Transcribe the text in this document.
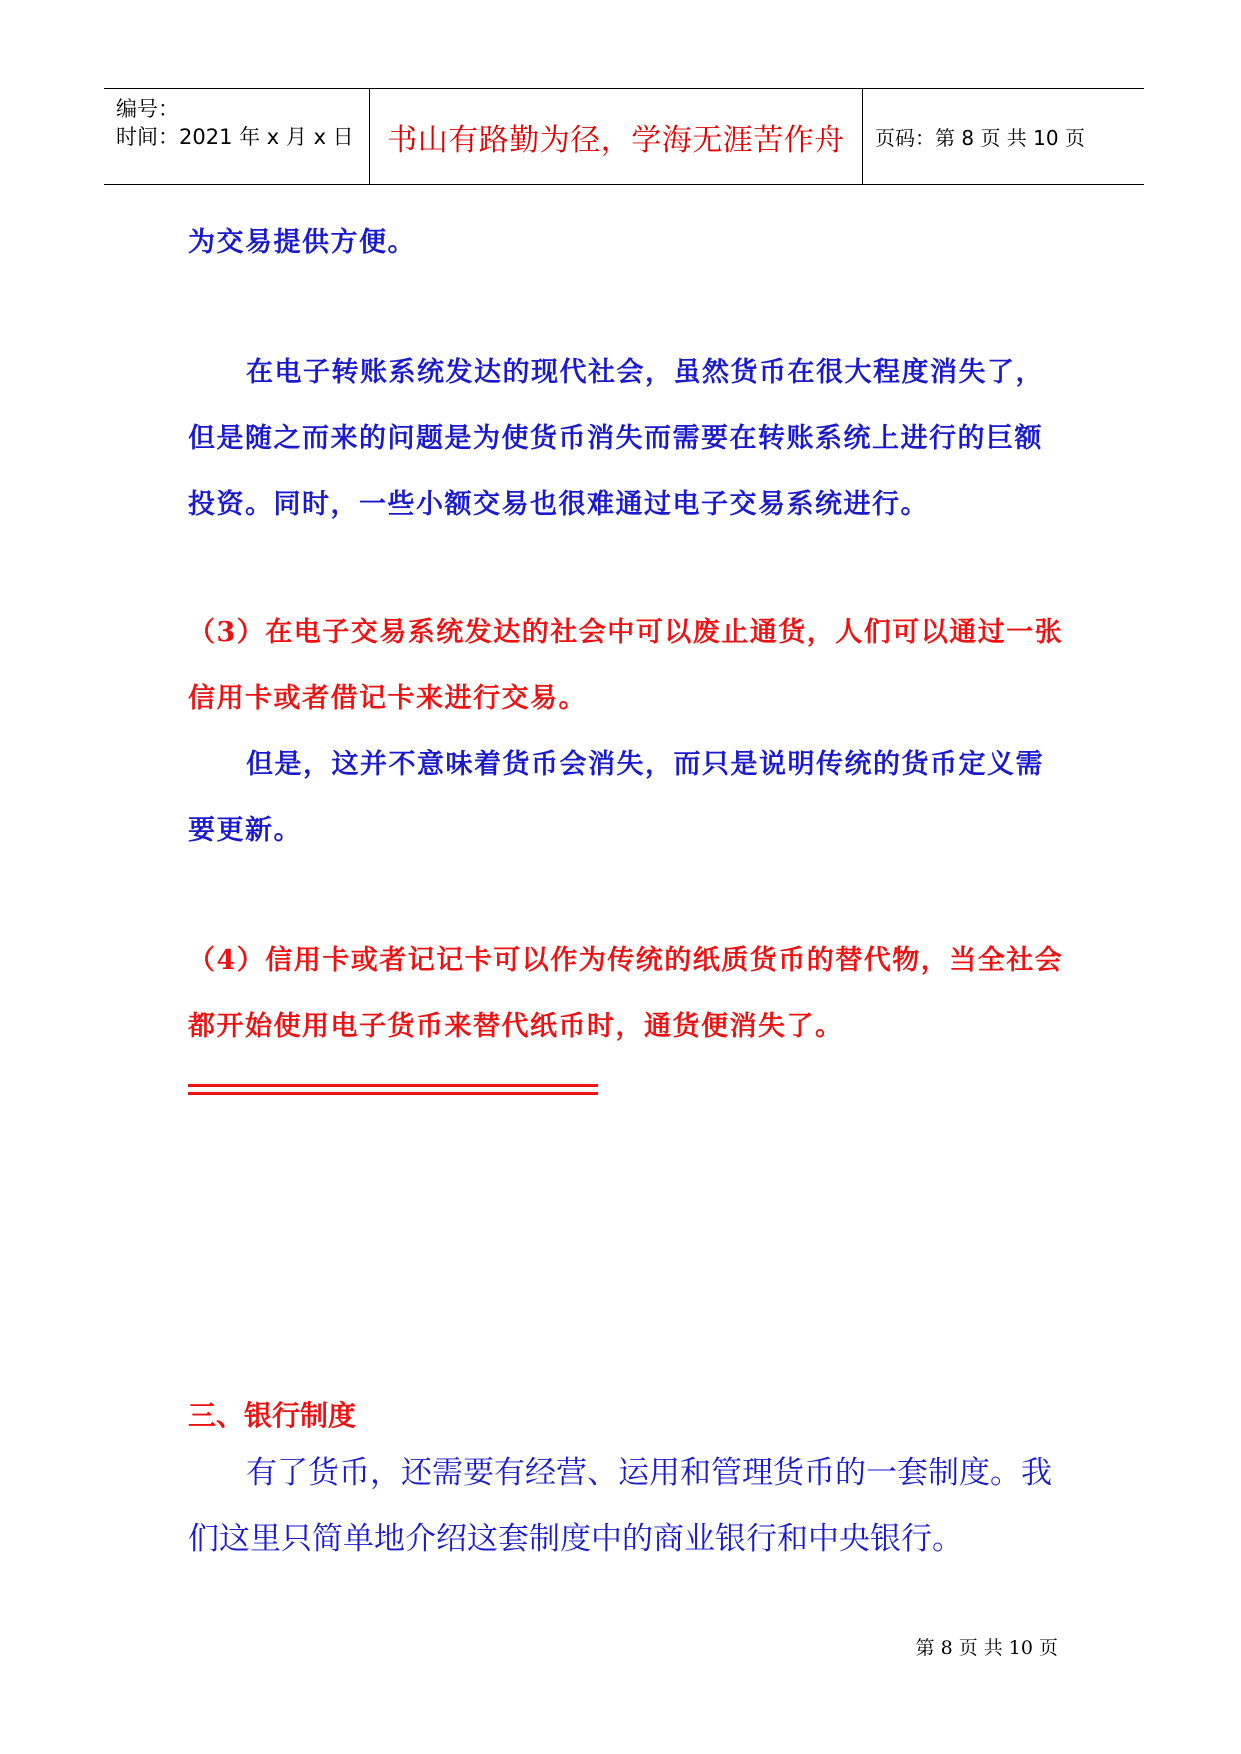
编号：
时间：2021 年 x 月 x 日 书山有路勤为径，学海无涯苦作舟 页码：第 8 页 共 10 页
为交易提供方便。
在电子转账系统发达的现代社会，虽然货币在很大程度消失了，但是随之而来的问题是为使货币消失而需要在转账系统上进行的巨额投资。同时，一些小额交易也很难通过电子交易系统进行。
（3）在电子交易系统发达的社会中可以废止通货，人们可以通过一张信用卡或者借记卡来进行交易。
但是，这并不意味着货币会消失，而只是说明传统的货币定义需要更新。
（4）信用卡或者记记卡可以作为传统的纸质货币的替代物，当全社会都开始使用电子货币来替代纸币时，通货便消失了。
三、银行制度
有了货币，还需要有经营、运用和管理货币的一套制度。我们这里只简单地介绍这套制度中的商业银行和中央银行。
第 8 页 共 10 页
